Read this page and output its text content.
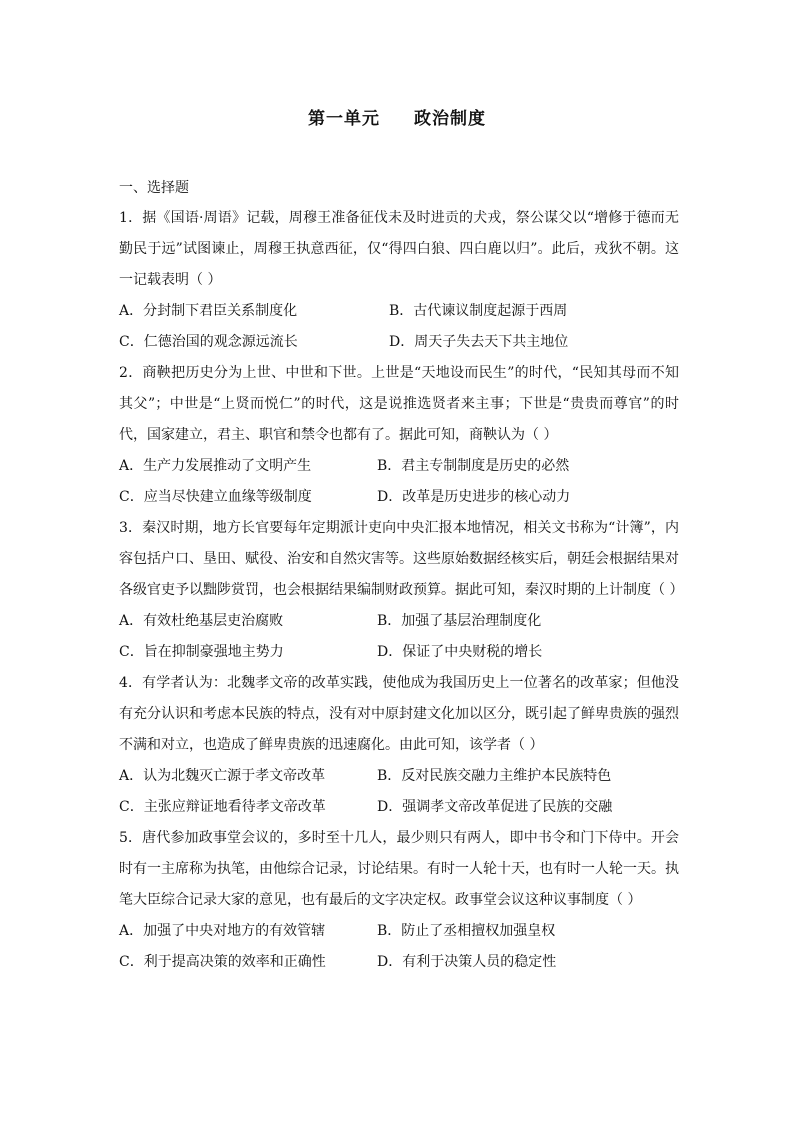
第一单元 政治制度
一、选择题

1．据《国语·周语》记载，周穆王准备征伐未及时进贡的犬戎，祭公谋父以“增修于德而无勤民于远”试图谏止，周穆王执意西征，仅“得四白狼、四白鹿以归”。此后，戎狄不朝。这一记载表明（ ）

A．分封制下君臣关系制度化	B．古代谏议制度起源于西周
C．仁德治国的观念源远流长	D．周天子失去天下共主地位

2．商鞅把历史分为上世、中世和下世。上世是“天地设而民生”的时代，“民知其母而不知其父”；中世是“上贤而悦仁”的时代，这是说推选贤者来主事；下世是“贵贵而尊官”的时代，国家建立，君主、职官和禁令也都有了。据此可知，商鞅认为（ ）

A．生产力发展推动了文明产生	B．君主专制制度是历史的必然
C．应当尽快建立血缘等级制度	D．改革是历史进步的核心动力

3．秦汉时期，地方长官要每年定期派计吏向中央汇报本地情况，相关文书称为“计簿”，内容包括户口、垦田、赋役、治安和自然灾害等。这些原始数据经核实后，朝廷会根据结果对各级官吏予以黜陟赏罚，也会根据结果编制财政预算。据此可知，秦汉时期的上计制度（ ）

A．有效杜绝基层吏治腐败	B．加强了基层治理制度化
C．旨在抑制豪强地主势力	D．保证了中央财税的增长

4．有学者认为：北魏孝文帝的改革实践，使他成为我国历史上一位著名的改革家；但他没有充分认识和考虑本民族的特点，没有对中原封建文化加以区分，既引起了鲜卑贵族的强烈不满和对立，也造成了鲜卑贵族的迅速腐化。由此可知，该学者（ ）

A．认为北魏灭亡源于孝文帝改革	B．反对民族交融力主维护本民族特色
C．主张应辩证地看待孝文帝改革	D．强调孝文帝改革促进了民族的交融

5．唐代参加政事堂会议的，多时至十几人，最少则只有两人，即中书令和门下侍中。开会时有一主席称为执笔，由他综合记录，讨论结果。有时一人轮十天，也有时一人轮一天。执笔大臣综合记录大家的意见，也有最后的文字决定权。政事堂会议这种议事制度（ ）

A．加强了中央对地方的有效管辖	B．防止了丞相擅权加强皇权
C．利于提高决策的效率和正确性	D．有利于决策人员的稳定性
